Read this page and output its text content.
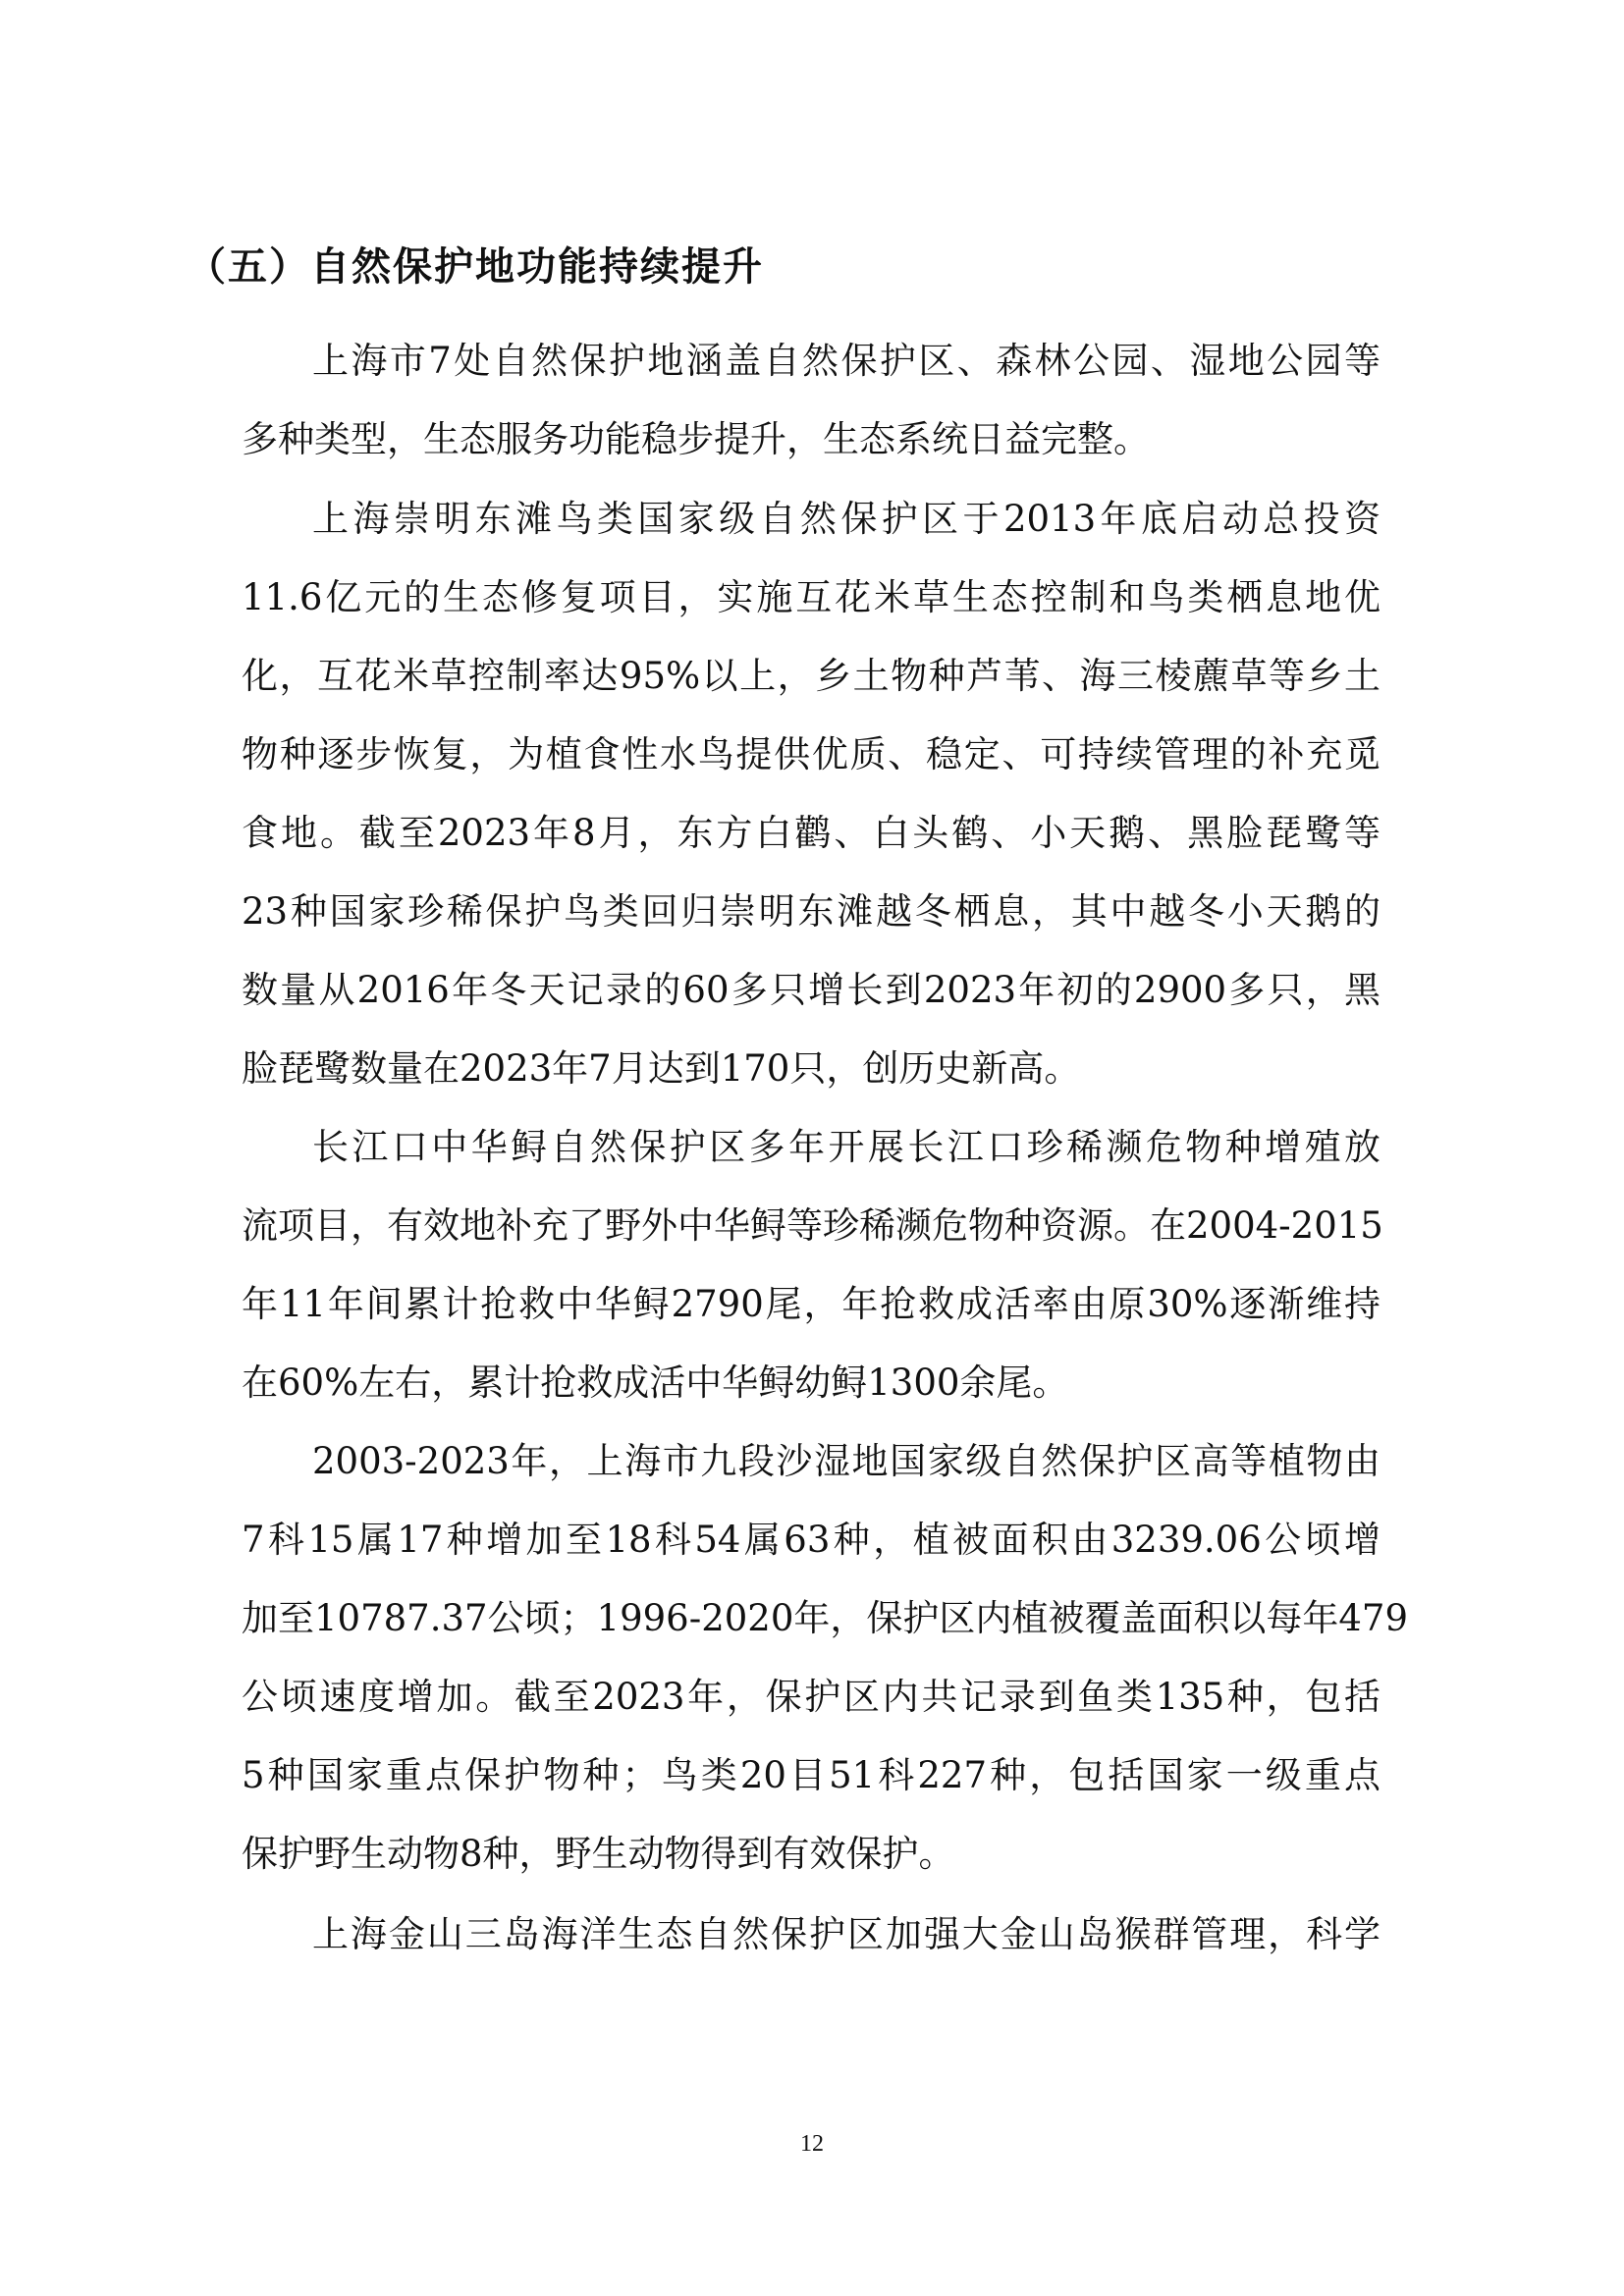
（五）自然保护地功能持续提升
上海市7处自然保护地涵盖自然保护区、森林公园、湿地公园等
多种类型，生态服务功能稳步提升，生态系统日益完整。
上海崇明东滩鸟类国家级自然保护区于2013年底启动总投资
11.6亿元的生态修复项目，实施互花米草生态控制和鸟类栖息地优
化，互花米草控制率达95%以上，乡土物种芦苇、海三棱藨草等乡土
物种逐步恢复，为植食性水鸟提供优质、稳定、可持续管理的补充觅
食地。截至2023年8月，东方白鹳、白头鹤、小天鹅、黑脸琵鹭等
23种国家珍稀保护鸟类回归崇明东滩越冬栖息，其中越冬小天鹅的
数量从2016年冬天记录的60多只增长到2023年初的2900多只，黑
脸琵鹭数量在2023年7月达到170只，创历史新高。
长江口中华鲟自然保护区多年开展长江口珍稀濒危物种增殖放
流项目，有效地补充了野外中华鲟等珍稀濒危物种资源。在2004-2015
年11年间累计抢救中华鲟2790尾，年抢救成活率由原30%逐渐维持
在60%左右，累计抢救成活中华鲟幼鲟1300余尾。
2003-2023年，上海市九段沙湿地国家级自然保护区高等植物由
7科15属17种增加至18科54属63种，植被面积由3239.06公顷增
加至10787.37公顷；1996-2020年，保护区内植被覆盖面积以每年479
公顷速度增加。截至2023年，保护区内共记录到鱼类135种，包括
5种国家重点保护物种；鸟类20目51科227种，包括国家一级重点
保护野生动物8种，野生动物得到有效保护。
上海金山三岛海洋生态自然保护区加强大金山岛猴群管理，科学
12
